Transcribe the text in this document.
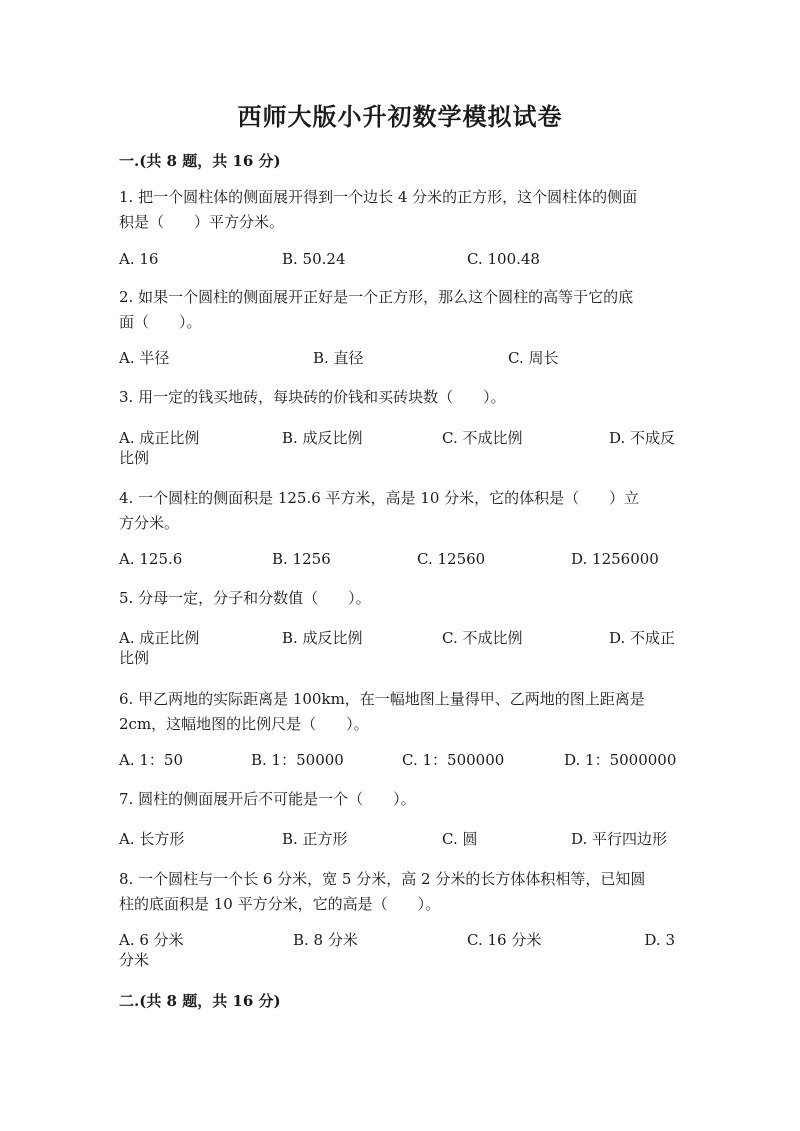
西师大版小升初数学模拟试卷
一.(共 8 题，共 16 分)
1. 把一个圆柱体的侧面展开得到一个边长 4 分米的正方形，这个圆柱体的侧面
积是（　　）平方分米。
A. 16	B. 50.24	C. 100.48
2. 如果一个圆柱的侧面展开正好是一个正方形，那么这个圆柱的高等于它的底
面（　　）。
A. 半径	B. 直径	C. 周长
3. 用一定的钱买地砖，每块砖的价钱和买砖块数（　　）。
A. 成正比例	B. 成反比例	C. 不成比例	D. 不成反
比例
4. 一个圆柱的侧面积是 125.6 平方米，高是 10 分米，它的体积是（　　）立
方分米。
A. 125.6	B. 1256	C. 12560	D. 1256000
5. 分母一定，分子和分数值（　　）。
A. 成正比例	B. 成反比例	C. 不成比例	D. 不成正
比例
6. 甲乙两地的实际距离是 100km，在一幅地图上量得甲、乙两地的图上距离是
2cm，这幅地图的比例尺是（　　）。
A. 1：50	B. 1：50000	C. 1：500000	D. 1：5000000
7. 圆柱的侧面展开后不可能是一个（　　）。
A. 长方形	B. 正方形	C. 圆	D. 平行四边形
8. 一个圆柱与一个长 6 分米，宽 5 分米，高 2 分米的长方体体积相等，已知圆
柱的底面积是 10 平方分米，它的高是（　　）。
A. 6 分米	B. 8 分米	C. 16 分米	D. 3
分米
二.(共 8 题，共 16 分)
